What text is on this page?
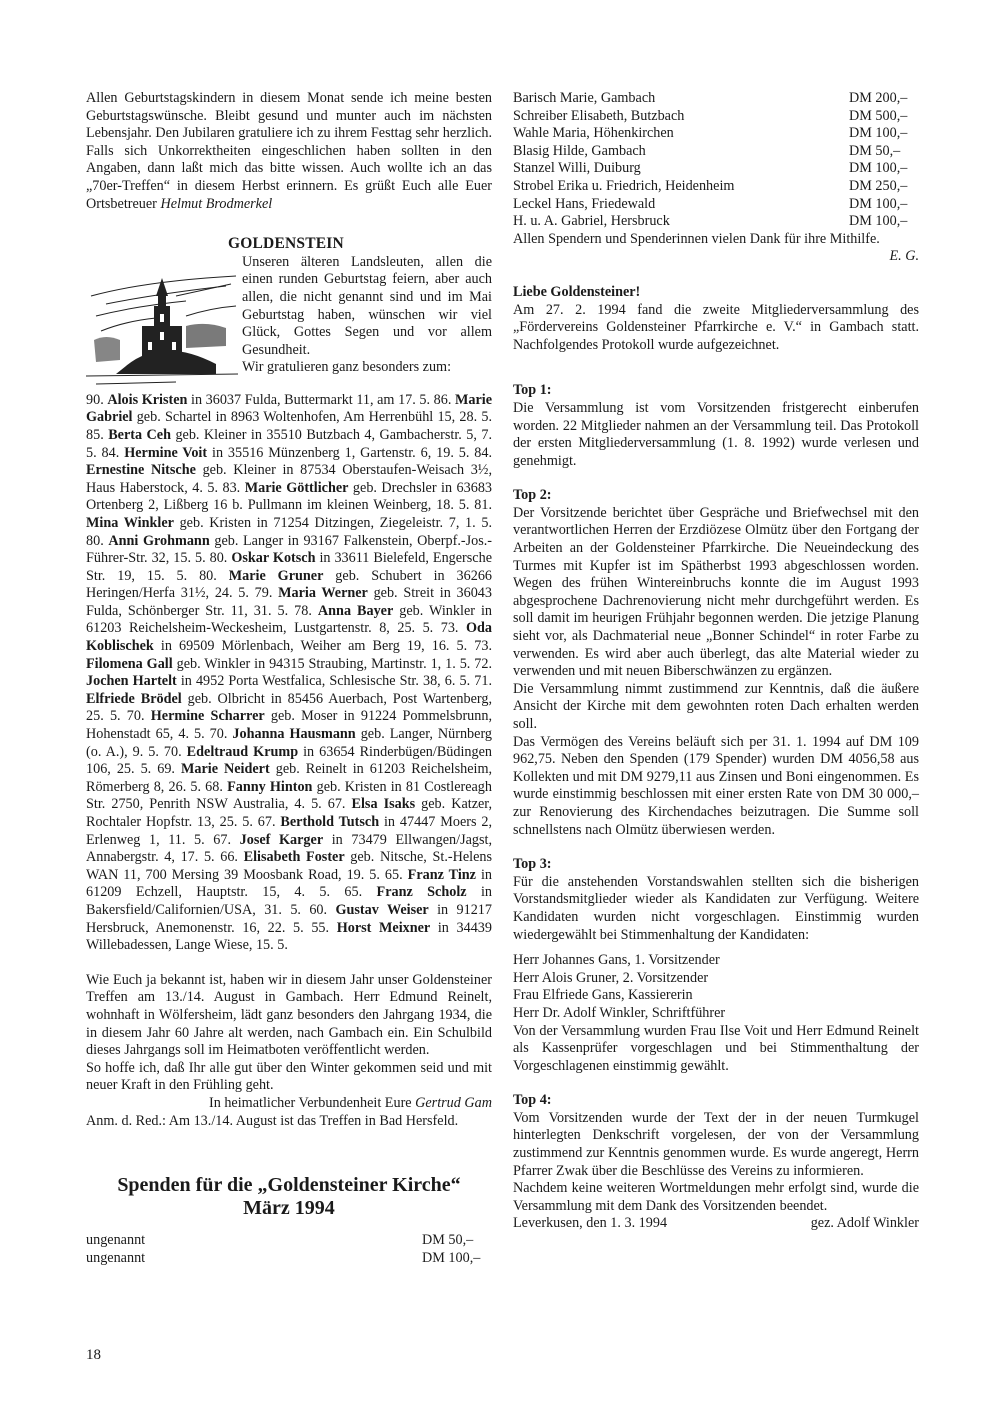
Allen Geburtstagskindern in diesem Monat sende ich meine besten Geburtstagswünsche. Bleibt gesund und munter auch im nächsten Lebensjahr. Den Jubilaren gratuliere ich zu ihrem Festtag sehr herzlich. Falls sich Unkorrektheiten eingeschlichen haben sollten in den Angaben, dann laßt mich das bitte wissen. Auch wollte ich an das „70er-Treffen“ in diesem Herbst erinnern. Es grüßt Euch alle Euer Ortsbetreuer Helmut Brodmerkel

GOLDENSTEIN

Unseren älteren Landsleuten, allen die einen runden Geburtstag feiern, aber auch allen, die nicht genannt sind und im Mai Geburtstag haben, wünschen wir viel Glück, Gottes Segen und vor allem Gesundheit.

Wir gratulieren ganz besonders zum:

90. Alois Kristen in 36037 Fulda, Buttermarkt 11, am 17. 5. 86. Marie Gabriel geb. Schartel in 8963 Woltenhofen, Am Herrenbühl 15, 28. 5. 85. Berta Ceh geb. Kleiner in 35510 Butzbach 4, Gambacherstr. 5, 7. 5. 84. Hermine Voit in 35516 Münzenberg 1, Gartenstr. 6, 19. 5. 84. Ernestine Nitsche geb. Kleiner in 87534 Oberstaufen-Weisach 3½, Haus Haberstock, 4. 5. 83. Marie Göttlicher geb. Drechsler in 63683 Ortenberg 2, Lißberg 16 b. Pullmann im kleinen Weinberg, 18. 5. 81. Mina Winkler geb. Kristen in 71254 Ditzingen, Ziegeleistr. 7, 1. 5. 80. Anni Grohmann geb. Langer in 93167 Falkenstein, Oberpf.-Jos.-Führer-Str. 32, 15. 5. 80. Oskar Kotsch in 33611 Bielefeld, Engersche Str. 19, 15. 5. 80. Marie Gruner geb. Schubert in 36266 Heringen/Herfa 31½, 24. 5. 79. Maria Werner geb. Streit in 36043 Fulda, Schönberger Str. 11, 31. 5. 78. Anna Bayer geb. Winkler in 61203 Reichelsheim-Weckesheim, Lustgartenstr. 8, 25. 5. 73. Oda Koblischek in 69509 Mörlenbach, Weiher am Berg 19, 16. 5. 73. Filomena Gall geb. Winkler in 94315 Straubing, Martinstr. 1, 1. 5. 72. Jochen Hartelt in 4952 Porta Westfalica, Schlesische Str. 38, 6. 5. 71. Elfriede Brödel geb. Olbricht in 85456 Auerbach, Post Wartenberg, 25. 5. 70. Hermine Scharrer geb. Moser in 91224 Pommelsbrunn, Hohenstadt 65, 4. 5. 70. Johanna Hausmann geb. Langer, Nürnberg (o. A.), 9. 5. 70. Edeltraud Krump in 63654 Rinderbügen/Büdingen 106, 25. 5. 69. Marie Neidert geb. Reinelt in 61203 Reichelsheim, Römerberg 8, 26. 5. 68. Fanny Hinton geb. Kristen in 81 Costlereagh Str. 2750, Penrith NSW Australia, 4. 5. 67. Elsa Isaks geb. Katzer, Rochtaler Hopfstr. 13, 25. 5. 67. Berthold Tutsch in 47447 Moers 2, Erlenweg 1, 11. 5. 67. Josef Karger in 73479 Ellwangen/Jagst, Annabergstr. 4, 17. 5. 66. Elisabeth Foster geb. Nitsche, St.-Helens WAN 11, 700 Mersing 39 Moosbank Road, 19. 5. 65. Franz Tinz in 61209 Echzell, Hauptstr. 15, 4. 5. 65. Franz Scholz in Bakersfield/Californien/USA, 31. 5. 60. Gustav Weiser in 91217 Hersbruck, Anemonenstr. 16, 22. 5. 55. Horst Meixner in 34439 Willebadessen, Lange Wiese, 15. 5.

Wie Euch ja bekannt ist, haben wir in diesem Jahr unser Goldensteiner Treffen am 13./14. August in Gambach. Herr Edmund Reinelt, wohnhaft in Wölfersheim, lädt ganz besonders den Jahrgang 1934, die in diesem Jahr 60 Jahre alt werden, nach Gambach ein. Ein Schulbild dieses Jahrgangs soll im Heimatboten veröffentlicht werden.

So hoffe ich, daß Ihr alle gut über den Winter gekommen seid und mit neuer Kraft in den Frühling geht.

In heimatlicher Verbundenheit Eure Gertrud Gam

Anm. d. Red.: Am 13./14. August ist das Treffen in Bad Hersfeld.

Spenden für die „Goldensteiner Kirche“
März 1994
ungenannt	DM 50,–
ungenannt	DM 100,–
Barisch Marie, Gambach	DM 200,–
Schreiber Elisabeth, Butzbach	DM 500,–
Wahle Maria, Höhenkirchen	DM 100,–
Blasig Hilde, Gambach	DM 50,–
Stanzel Willi, Duiburg	DM 100,–
Strobel Erika u. Friedrich, Heidenheim	DM 250,–
Leckel Hans, Friedewald	DM 100,–
H. u. A. Gabriel, Hersbruck	DM 100,–

Allen Spendern und Spenderinnen vielen Dank für ihre Mithilfe.

E. G.

Liebe Goldensteiner!

Am 27. 2. 1994 fand die zweite Mitgliederversammlung des „Fördervereins Goldensteiner Pfarrkirche e. V.“ in Gambach statt. Nachfolgendes Protokoll wurde aufgezeichnet.

Top 1:

Die Versammlung ist vom Vorsitzenden fristgerecht einberufen worden. 22 Mitglieder nahmen an der Versammlung teil. Das Protokoll der ersten Mitgliederversammlung (1. 8. 1992) wurde verlesen und genehmigt.

Top 2:

Der Vorsitzende berichtet über Gespräche und Briefwechsel mit den verantwortlichen Herren der Erzdiözese Olmütz über den Fortgang der Arbeiten an der Goldensteiner Pfarrkirche. Die Neueindeckung des Turmes mit Kupfer ist im Spätherbst 1993 abgeschlossen worden. Wegen des frühen Wintereinbruchs konnte die im August 1993 abgesprochene Dachrenovierung nicht mehr durchgeführt werden. Es soll damit im heurigen Frühjahr begonnen werden. Die jetzige Planung sieht vor, als Dachmaterial neue „Bonner Schindel“ in roter Farbe zu verwenden. Es wird aber auch überlegt, das alte Material wieder zu verwenden und mit neuen Biberschwänzen zu ergänzen.

Die Versammlung nimmt zustimmend zur Kenntnis, daß die äußere Ansicht der Kirche mit dem gewohnten roten Dach erhalten werden soll.

Das Vermögen des Vereins beläuft sich per 31. 1. 1994 auf DM 109 962,75. Neben den Spenden (179 Spender) wurden DM 4056,58 aus Kollekten und mit DM 9279,11 aus Zinsen und Boni eingenommen. Es wurde einstimmig beschlossen mit einer ersten Rate von DM 30 000,– zur Renovierung des Kirchendaches beizutragen. Die Summe soll schnellstens nach Olmütz überwiesen werden.

Top 3:

Für die anstehenden Vorstandswahlen stellten sich die bisherigen Vorstandsmitglieder wieder als Kandidaten zur Verfügung. Weitere Kandidaten wurden nicht vorgeschlagen. Einstimmig wurden wiedergewählt bei Stimmenhaltung der Kandidaten:

Herr Johannes Gans, 1. Vorsitzender
Herr Alois Gruner, 2. Vorsitzender
Frau Elfriede Gans, Kassiererin
Herr Dr. Adolf Winkler, Schriftführer

Von der Versammlung wurden Frau Ilse Voit und Herr Edmund Reinelt als Kassenprüfer vorgeschlagen und bei Stimmenthaltung der Vorgeschlagenen einstimmig gewählt.

Top 4:

Vom Vorsitzenden wurde der Text der in der neuen Turmkugel hinterlegten Denkschrift vorgelesen, der von der Versammlung zustimmend zur Kenntnis genommen wurde. Es wurde angeregt, Herrn Pfarrer Zwak über die Beschlüsse des Vereins zu informieren.

Nachdem keine weiteren Wortmeldungen mehr erfolgt sind, wurde die Versammlung mit dem Dank des Vorsitzenden beendet.

Leverkusen, den 1. 3. 1994	gez. Adolf Winkler
18
